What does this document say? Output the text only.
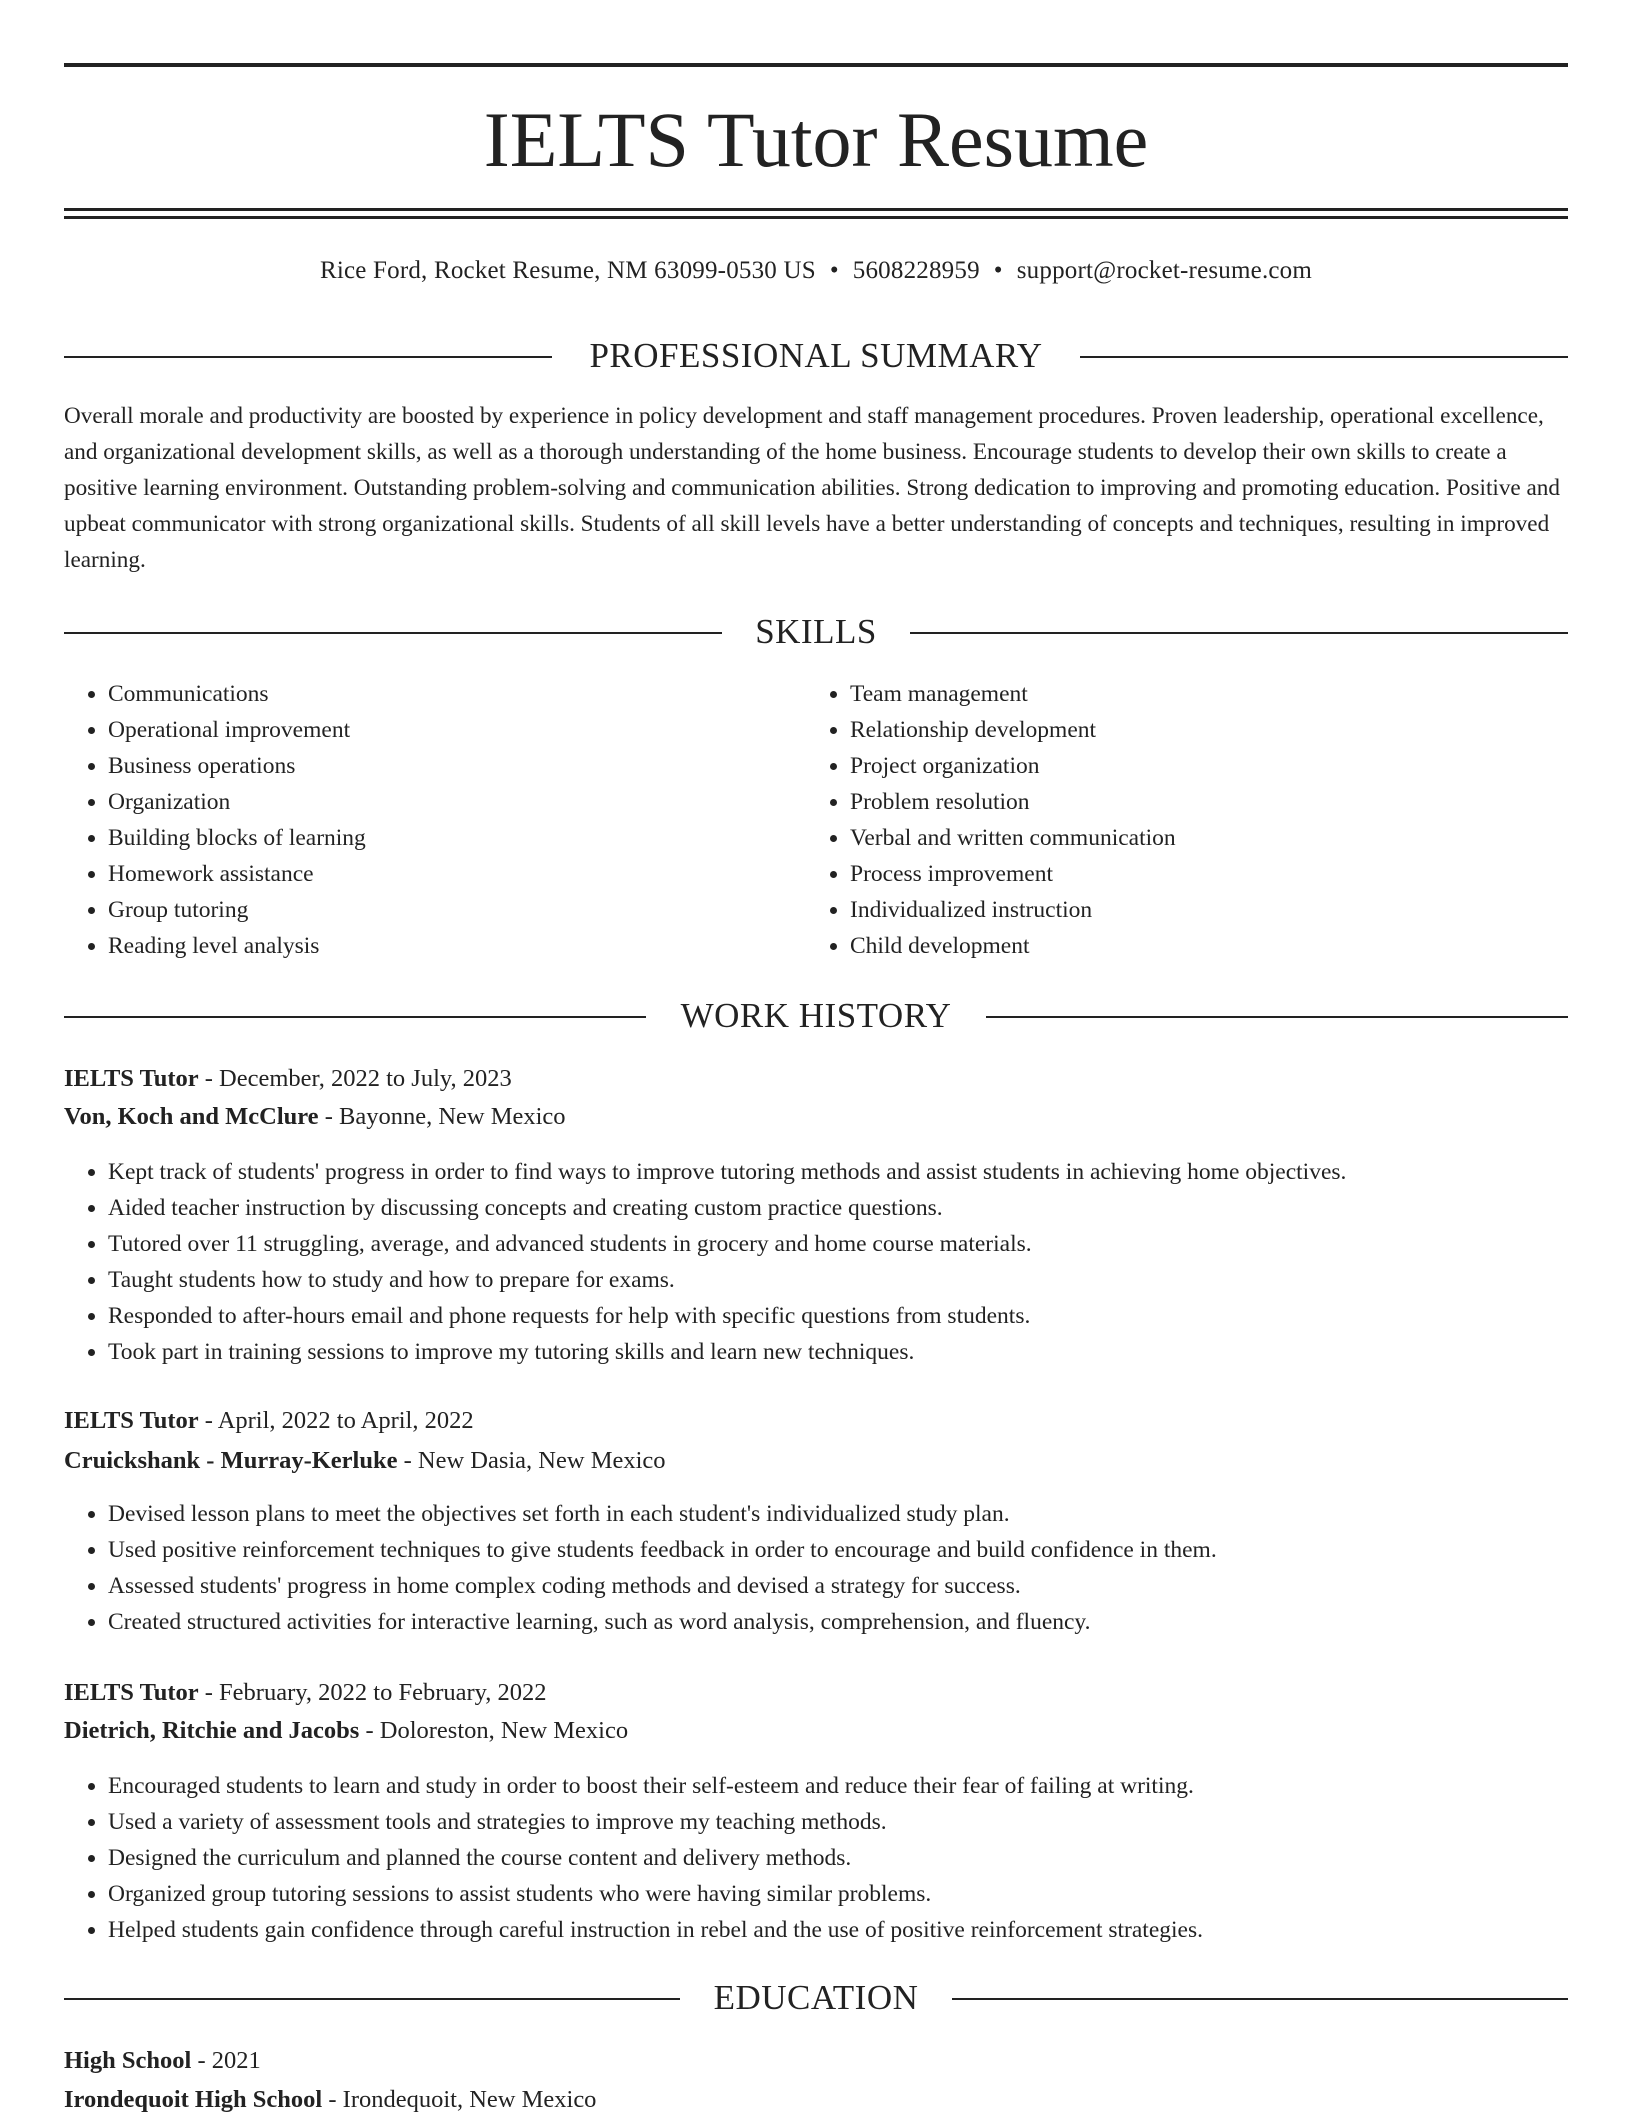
IELTS Tutor Resume
Rice Ford, Rocket Resume, NM 63099-0530 US • 5608228959 • support@rocket-resume.com
PROFESSIONAL SUMMARY

Overall morale and productivity are boosted by experience in policy development and staff management procedures. Proven leadership, operational excellence, and organizational development skills, as well as a thorough understanding of the home business. Encourage students to develop their own skills to create a positive learning environment. Outstanding problem-solving and communication abilities. Strong dedication to improving and promoting education. Positive and upbeat communicator with strong organizational skills. Students of all skill levels have a better understanding of concepts and techniques, resulting in improved learning.

SKILLS
• Communications
• Operational improvement
• Business operations
• Organization
• Building blocks of learning
• Homework assistance
• Group tutoring
• Reading level analysis
• Team management
• Relationship development
• Project organization
• Problem resolution
• Verbal and written communication
• Process improvement
• Individualized instruction
• Child development
WORK HISTORY
IELTS Tutor - December, 2022 to July, 2023
Von, Koch and McClure - Bayonne, New Mexico
• Kept track of students' progress in order to find ways to improve tutoring methods and assist students in achieving home objectives.
• Aided teacher instruction by discussing concepts and creating custom practice questions.
• Tutored over 11 struggling, average, and advanced students in grocery and home course materials.
• Taught students how to study and how to prepare for exams.
• Responded to after-hours email and phone requests for help with specific questions from students.
• Took part in training sessions to improve my tutoring skills and learn new techniques.
IELTS Tutor - April, 2022 to April, 2022
Cruickshank - Murray-Kerluke - New Dasia, New Mexico
• Devised lesson plans to meet the objectives set forth in each student's individualized study plan.
• Used positive reinforcement techniques to give students feedback in order to encourage and build confidence in them.
• Assessed students' progress in home complex coding methods and devised a strategy for success.
• Created structured activities for interactive learning, such as word analysis, comprehension, and fluency.
IELTS Tutor - February, 2022 to February, 2022
Dietrich, Ritchie and Jacobs - Doloreston, New Mexico
• Encouraged students to learn and study in order to boost their self-esteem and reduce their fear of failing at writing.
• Used a variety of assessment tools and strategies to improve my teaching methods.
• Designed the curriculum and planned the course content and delivery methods.
• Organized group tutoring sessions to assist students who were having similar problems.
• Helped students gain confidence through careful instruction in rebel and the use of positive reinforcement strategies.
EDUCATION
High School - 2021
Irondequoit High School - Irondequoit, New Mexico
